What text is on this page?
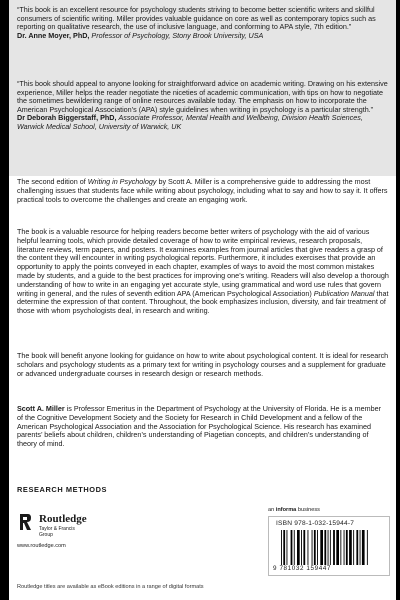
“This book is an excellent resource for psychology students striving to become better scientific writers and skillful consumers of scientific writing. Miller provides valuable guidance on core as well as contemporary topics such as reporting on qualitative research, the use of inclusive language, and conforming to APA style, 7th edition.”

Dr. Anne Moyer, PhD, Professor of Psychology, Stony Brook University, USA

“This book should appeal to anyone looking for straightforward advice on academic writing. Drawing on his extensive experience, Miller helps the reader negotiate the niceties of academic communication, with tips on how to negotiate the sometimes bewildering range of online resources available today. The emphasis on how to incorporate the American Psychological Association’s (APA) style guidelines when writing in psychology is a particular strength.”

Dr Deborah Biggerstaff, PhD, Associate Professor, Mental Health and Wellbeing, Division Health Sciences, Warwick Medical School, University of Warwick, UK

The second edition of Writing in Psychology by Scott A. Miller is a comprehensive guide to addressing the most challenging issues that students face while writing about psychology, including what to say and how to say it. It offers practical tools to overcome the challenges and create an engaging work.

The book is a valuable resource for helping readers become better writers of psychology with the aid of various helpful learning tools, which provide detailed coverage of how to write empirical reviews, research proposals, literature reviews, term papers, and posters. It examines examples from journal articles that give readers a grasp of the content they will encounter in writing psychological reports. Furthermore, it includes exercises that provide an opportunity to apply the points conveyed in each chapter, examples of ways to avoid the most common mistakes made by students, and a guide to the best practices for improving one’s writing. Readers will also develop a thorough understanding of how to write in an engaging yet accurate style, using grammatical and word use rules that govern writing in general, and the rules of seventh edition APA (American Psychological Association) Publication Manual that determine the expression of that content. Throughout, the book emphasizes inclusion, diversity, and fair treatment of those with whom psychologists deal, in research and writing.

The book will benefit anyone looking for guidance on how to write about psychological content. It is ideal for research scholars and psychology students as a primary text for writing in psychology courses and a supplement for graduate or advanced undergraduate courses in research design or research methods.

Scott A. Miller is Professor Emeritus in the Department of Psychology at the University of Florida. He is a member of the Cognitive Development Society and the Society for Research in Child Development and a fellow of the American Psychological Association and the Association for Psychological Science. His research has examined parents’ beliefs about children, children’s understanding of Piagetian concepts, and children’s understanding of theory of mind.

RESEARCH METHODS
Routledge
Taylor & Francis Group
www.routledge.com
an informa business
ISBN 978-1-032-15944-7
9 781032 159447
Routledge titles are available as eBook editions in a range of digital formats
